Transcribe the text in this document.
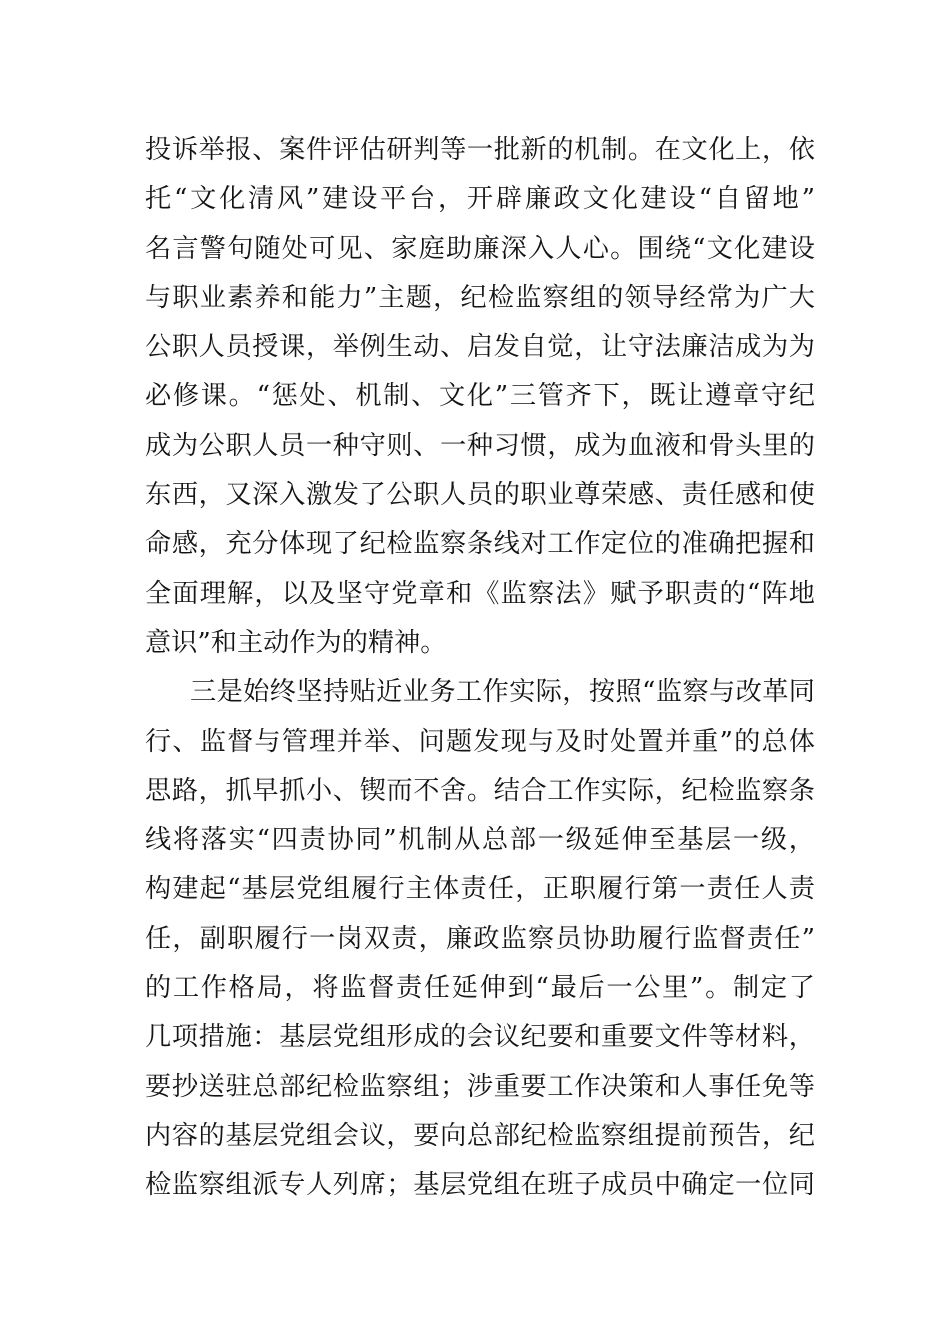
投诉举报、案件评估研判等一批新的机制。在文化上，依
托“文化清风”建设平台，开辟廉政文化建设“自留地”
名言警句随处可见、家庭助廉深入人心。围绕“文化建设
与职业素养和能力”主题，纪检监察组的领导经常为广大
公职人员授课，举例生动、启发自觉，让守法廉洁成为为
必修课。“惩处、机制、文化”三管齐下，既让遵章守纪
成为公职人员一种守则、一种习惯，成为血液和骨头里的
东西，又深入激发了公职人员的职业尊荣感、责任感和使
命感，充分体现了纪检监察条线对工作定位的准确把握和
全面理解，以及坚守党章和《监察法》赋予职责的“阵地
意识”和主动作为的精神。
三是始终坚持贴近业务工作实际，按照“监察与改革同
行、监督与管理并举、问题发现与及时处置并重”的总体
思路，抓早抓小、锲而不舍。结合工作实际，纪检监察条
线将落实“四责协同”机制从总部一级延伸至基层一级，
构建起“基层党组履行主体责任，正职履行第一责任人责
任，副职履行一岗双责，廉政监察员协助履行监督责任”
的工作格局，将监督责任延伸到“最后一公里”。制定了
几项措施：基层党组形成的会议纪要和重要文件等材料，
要抄送驻总部纪检监察组；涉重要工作决策和人事任免等
内容的基层党组会议，要向总部纪检监察组提前预告，纪
检监察组派专人列席；基层党组在班子成员中确定一位同
